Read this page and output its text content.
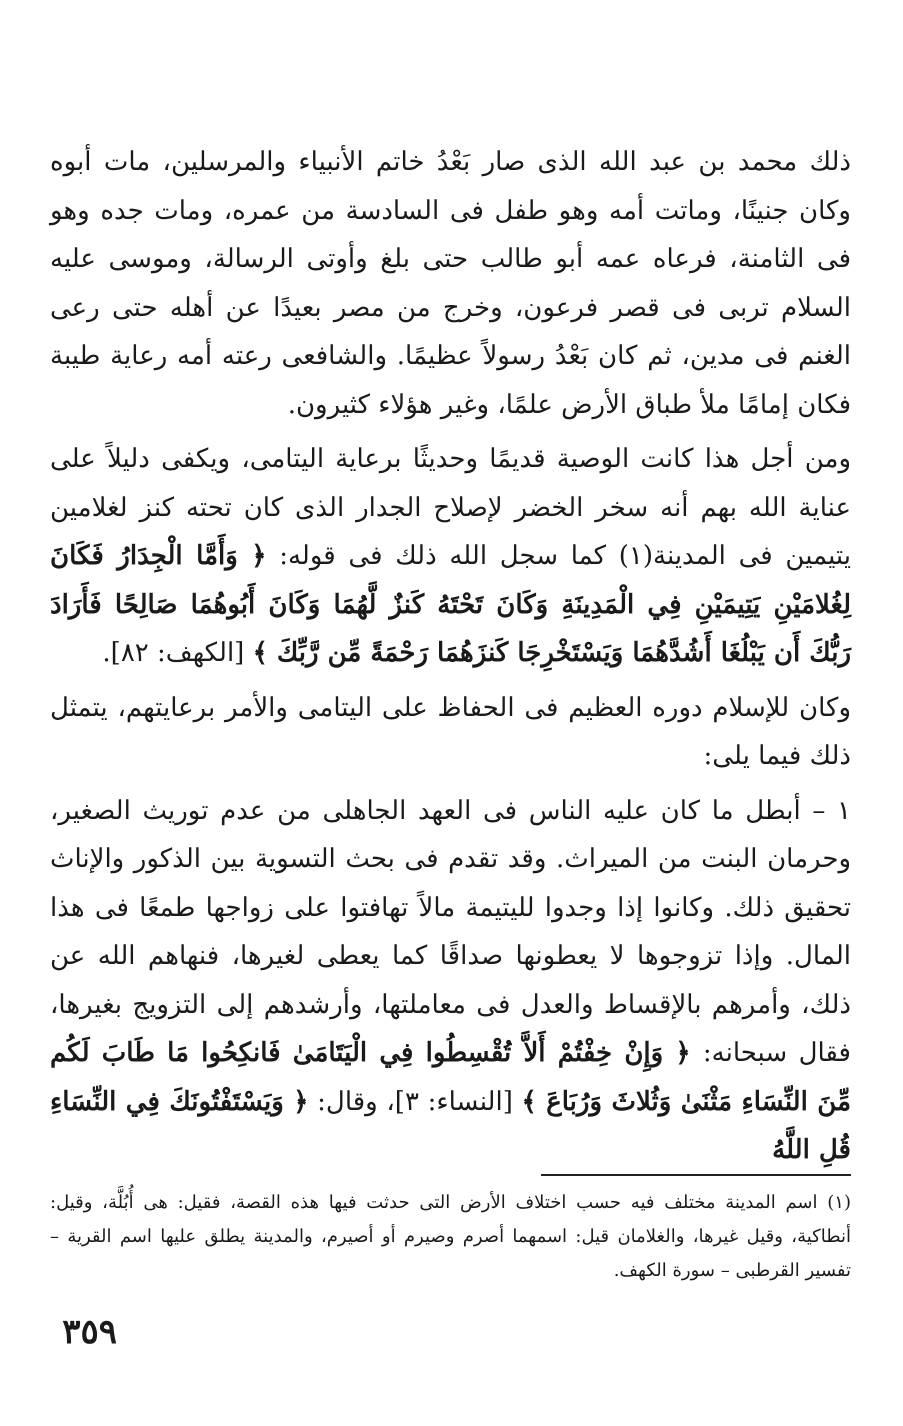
ذلك محمد بن عبد الله الذى صار بَعْدُ خاتم الأنبياء والمرسلين، مات أبوه وكان جنينًا، وماتت أمه وهو طفل فى السادسة من عمره، ومات جده وهو فى الثامنة، فرعاه عمه أبو طالب حتى بلغ وأوتى الرسالة، وموسى عليه السلام تربى فى قصر فرعون، وخرج من مصر بعيدًا عن أهله حتى رعى الغنم فى مدين، ثم كان بَعْدُ رسولاً عظيمًا. والشافعى رعته أمه رعاية طيبة فكان إمامًا ملأ طباق الأرض علمًا، وغير هؤلاء كثيرون.

ومن أجل هذا كانت الوصية قديمًا وحديثًا برعاية اليتامى، ويكفى دليلاً على عناية الله بهم أنه سخر الخضر لإصلاح الجدار الذى كان تحته كنز لغلامين يتيمين فى المدينة(١) كما سجل الله ذلك فى قوله: ﴿ وَأَمَّا الْجِدَارُ فَكَانَ لِغُلامَيْنِ يَتِيمَيْنِ فِي الْمَدِينَةِ وَكَانَ تَحْتَهُ كَنزٌ لَّهُمَا وَكَانَ أَبُوهُمَا صَالِحًا فَأَرَادَ رَبُّكَ أَن يَبْلُغَا أَشُدَّهُمَا وَيَسْتَخْرِجَا كَنزَهُمَا رَحْمَةً مِّن رَّبِّكَ ﴾ [الكهف: ٨٢].

وكان للإسلام دوره العظيم فى الحفاظ على اليتامى والأمر برعايتهم، يتمثل ذلك فيما يلى:

١ – أبطل ما كان عليه الناس فى العهد الجاهلى من عدم توريث الصغير، وحرمان البنت من الميراث. وقد تقدم فى بحث التسوية بين الذكور والإناث تحقيق ذلك. وكانوا إذا وجدوا لليتيمة مالاً تهافتوا على زواجها طمعًا فى هذا المال. وإذا تزوجوها لا يعطونها صداقًا كما يعطى لغيرها، فنهاهم الله عن ذلك، وأمرهم بالإقساط والعدل فى معاملتها، وأرشدهم إلى التزويج بغيرها، فقال سبحانه: ﴿ وَإِنْ خِفْتُمْ أَلاَّ تُقْسِطُوا فِي الْيَتَامَىٰ فَانكِحُوا مَا طَابَ لَكُم مِّنَ النِّسَاءِ مَثْنَىٰ وَثُلاثَ وَرُبَاعَ ﴾ [النساء: ٣]، وقال: ﴿ وَيَسْتَفْتُونَكَ فِي النِّسَاءِ قُلِ اللَّهُ

(١) اسم المدينة مختلف فيه حسب اختلاف الأرض التى حدثت فيها هذه القصة، فقيل: هى أُبُلَّة، وقيل: أنطاكية، وقيل غيرها، والغلامان قيل: اسمهما أصرم وصيرم أو أصيرم، والمدينة يطلق عليها اسم القرية – تفسير القرطبى – سورة الكهف.

٣٥٩
